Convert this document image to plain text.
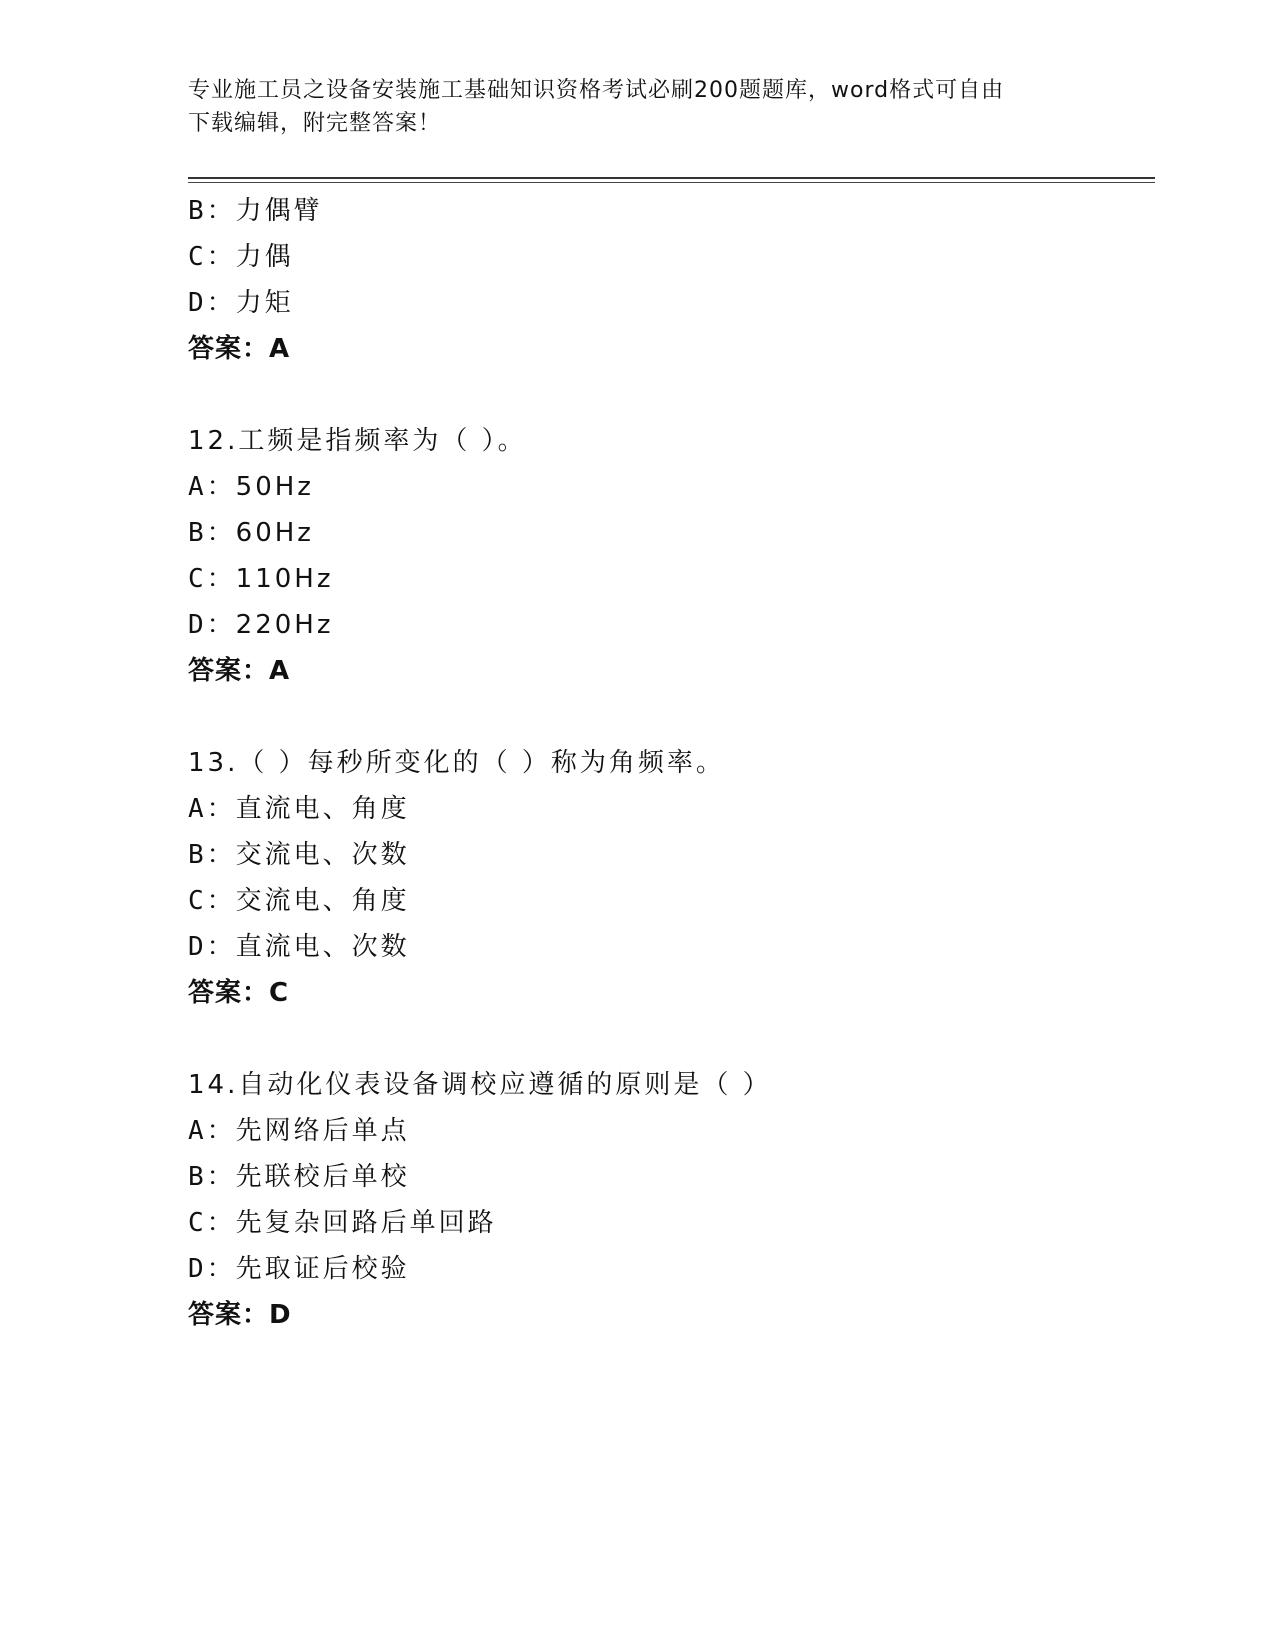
专业施工员之设备安装施工基础知识资格考试必刷200题题库，word格式可自由
下载编辑，附完整答案！
B：力偶臂
C：力偶
D：力矩
答案：A
12.工频是指频率为（ ）。
A：50Hz
B：60Hz
C：110Hz
D：220Hz
答案：A
13.（ ）每秒所变化的（ ）称为角频率。
A：直流电、角度
B：交流电、次数
C：交流电、角度
D：直流电、次数
答案：C
14.自动化仪表设备调校应遵循的原则是（ ）
A：先网络后单点
B：先联校后单校
C：先复杂回路后单回路
D：先取证后校验
答案：D
